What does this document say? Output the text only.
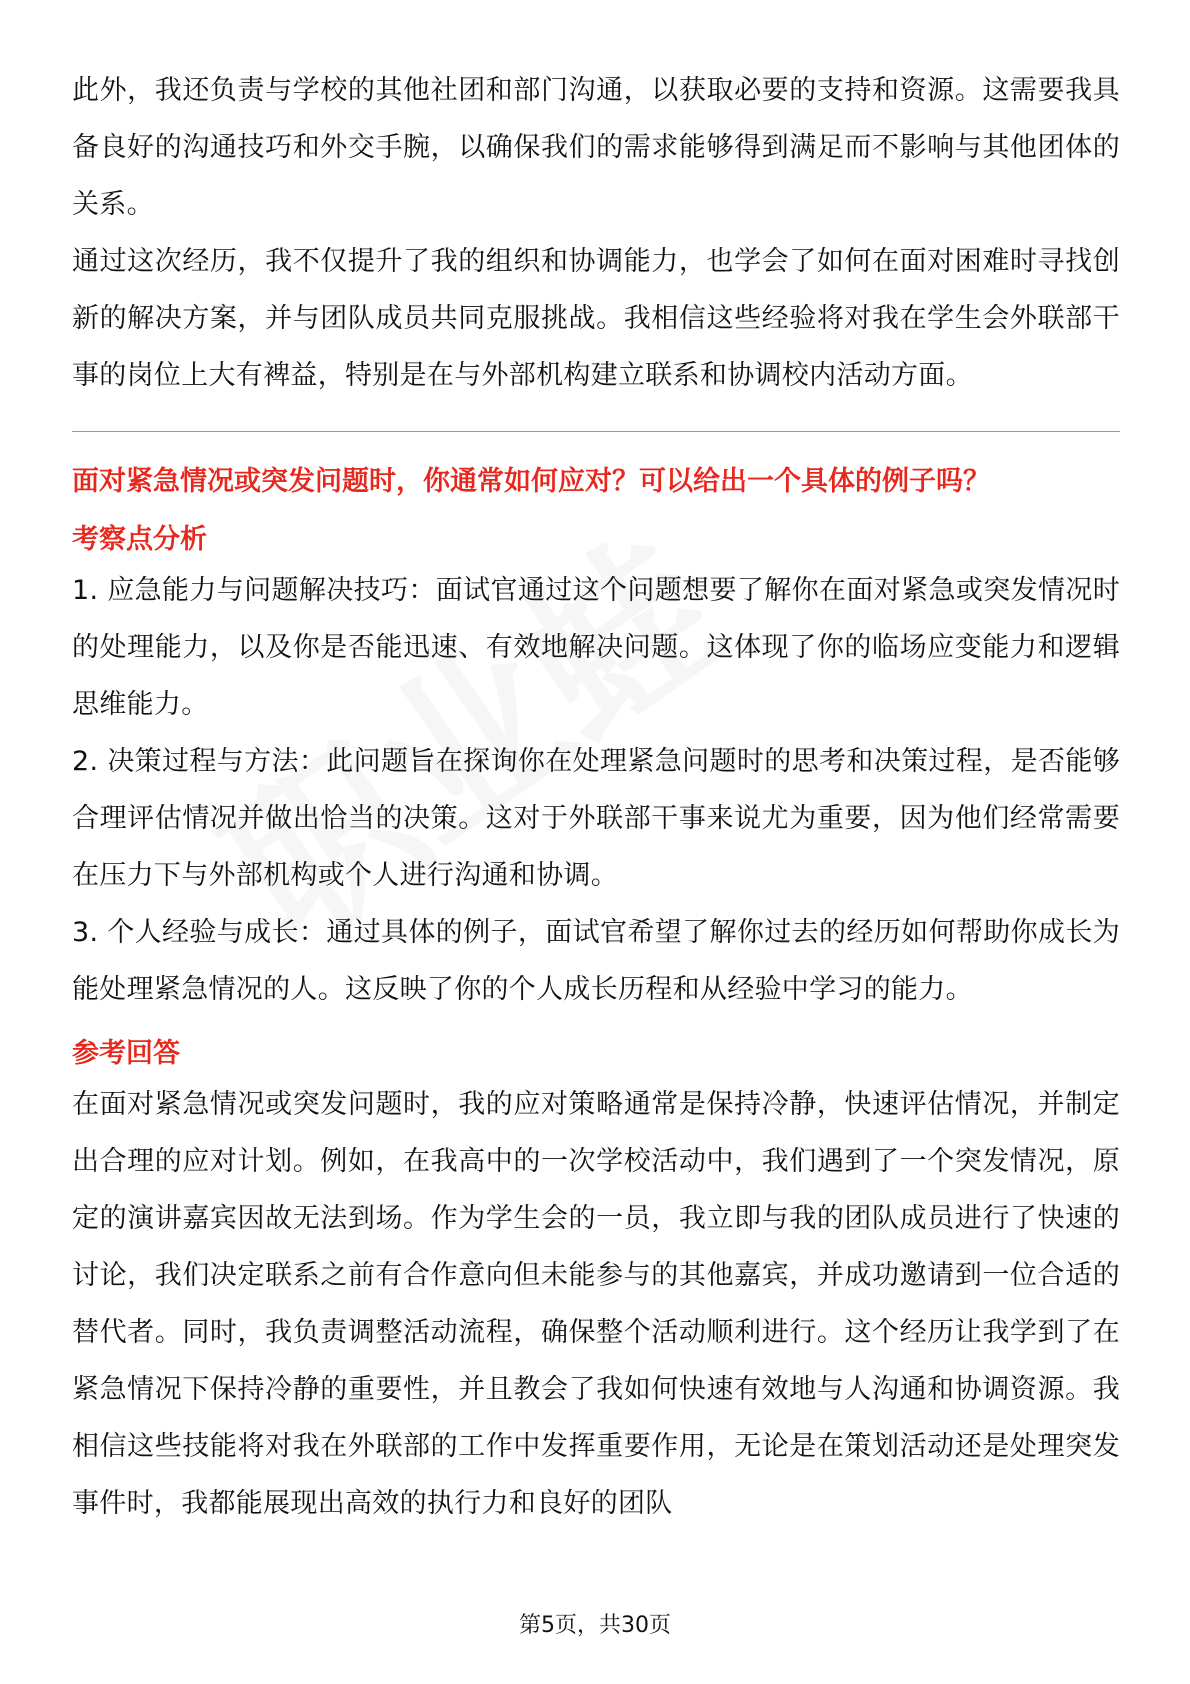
此外，我还负责与学校的其他社团和部门沟通，以获取必要的支持和资源。这需要我具备良好的沟通技巧和外交手腕，以确保我们的需求能够得到满足而不影响与其他团体的关系。

通过这次经历，我不仅提升了我的组织和协调能力，也学会了如何在面对困难时寻找创新的解决方案，并与团队成员共同克服挑战。我相信这些经验将对我在学生会外联部干事的岗位上大有裨益，特别是在与外部机构建立联系和协调校内活动方面。

面对紧急情况或突发问题时，你通常如何应对？可以给出一个具体的例子吗？
考察点分析

1. 应急能力与问题解决技巧：面试官通过这个问题想要了解你在面对紧急或突发情况时的处理能力，以及你是否能迅速、有效地解决问题。这体现了你的临场应变能力和逻辑思维能力。

2. 决策过程与方法：此问题旨在探询你在处理紧急问题时的思考和决策过程，是否能够合理评估情况并做出恰当的决策。这对于外联部干事来说尤为重要，因为他们经常需要在压力下与外部机构或个人进行沟通和协调。

3. 个人经验与成长：通过具体的例子，面试官希望了解你过去的经历如何帮助你成长为能处理紧急情况的人。这反映了你的个人成长历程和从经验中学习的能力。

参考回答

在面对紧急情况或突发问题时，我的应对策略通常是保持冷静，快速评估情况，并制定出合理的应对计划。例如，在我高中的一次学校活动中，我们遇到了一个突发情况，原定的演讲嘉宾因故无法到场。作为学生会的一员，我立即与我的团队成员进行了快速的讨论，我们决定联系之前有合作意向但未能参与的其他嘉宾，并成功邀请到一位合适的替代者。同时，我负责调整活动流程，确保整个活动顺利进行。这个经历让我学到了在紧急情况下保持冷静的重要性，并且教会了我如何快速有效地与人沟通和协调资源。我相信这些技能将对我在外联部的工作中发挥重要作用，无论是在策划活动还是处理突发事件时，我都能展现出高效的执行力和良好的团队

第5页，共30页
